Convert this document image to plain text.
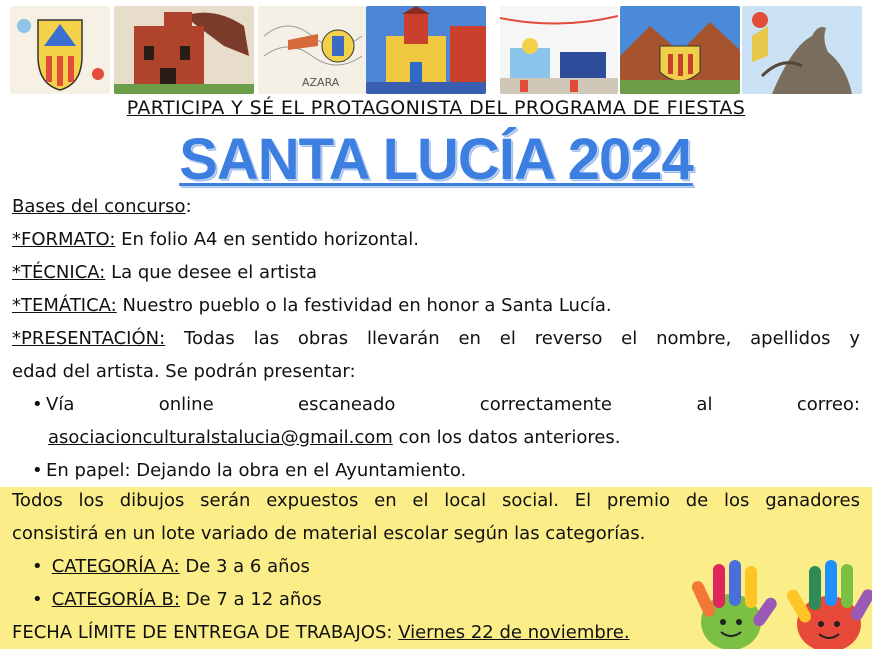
AZARA
PARTICIPA Y SÉ EL PROTAGONISTA DEL PROGRAMA DE FIESTAS
SANTA LUCÍA 2024
Bases del concurso:
*FORMATO: En folio A4 en sentido horizontal.
*TÉCNICA: La que desee el artista
*TEMÁTICA: Nuestro pueblo o la festividad en honor a Santa Lucía.
*PRESENTACIÓN: Todas las obras llevarán en el reverso el nombre, apellidos y
edad del artista. Se podrán presentar:
• Vía online escaneado correctamente al correo:
asociacionculturalstalucia@gmail.com con los datos anteriores.
• En papel: Dejando la obra en el Ayuntamiento.
Todos los dibujos serán expuestos en el local social. El premio de los ganadores
consistirá en un lote variado de material escolar según las categorías.
• CATEGORÍA A: De 3 a 6 años
• CATEGORÍA B: De 7 a 12 años
FECHA LÍMITE DE ENTREGA DE TRABAJOS: Viernes 22 de noviembre.
